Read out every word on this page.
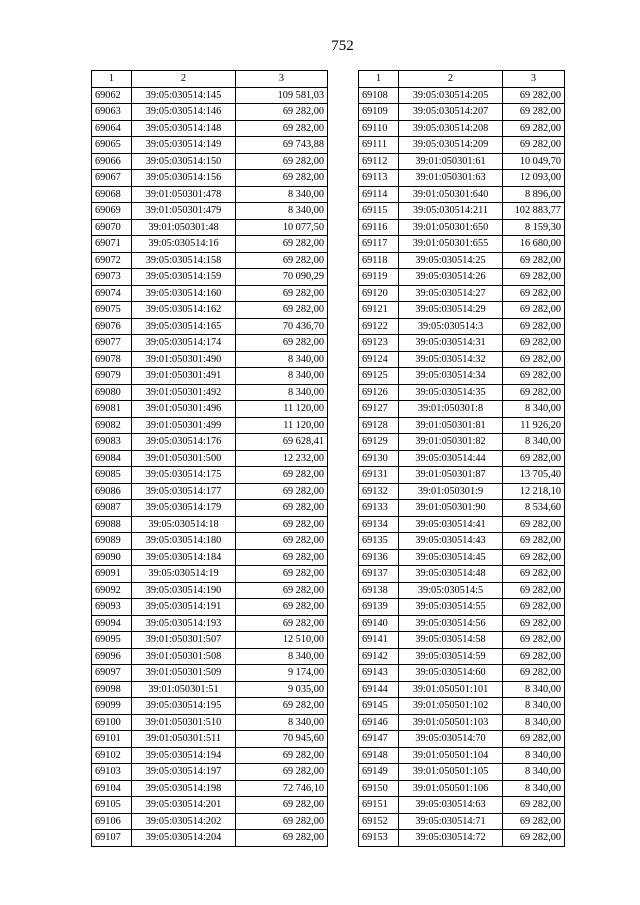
752
1	2	3
69062	39:05:030514:145	109 581,03
69063	39:05:030514:146	69 282,00
69064	39:05:030514:148	69 282,00
69065	39:05:030514:149	69 743,88
69066	39:05:030514:150	69 282,00
69067	39:05:030514:156	69 282,00
69068	39:01:050301:478	8 340,00
69069	39:01:050301:479	8 340,00
69070	39:01:050301:48	10 077,50
69071	39:05:030514:16	69 282,00
69072	39:05:030514:158	69 282,00
69073	39:05:030514:159	70 090,29
69074	39:05:030514:160	69 282,00
69075	39:05:030514:162	69 282,00
69076	39:05:030514:165	70 436,70
69077	39:05:030514:174	69 282,00
69078	39:01:050301:490	8 340,00
69079	39:01:050301:491	8 340,00
69080	39:01:050301:492	8 340,00
69081	39:01:050301:496	11 120,00
69082	39:01:050301:499	11 120,00
69083	39:05:030514:176	69 628,41
69084	39:01:050301:500	12 232,00
69085	39:05:030514:175	69 282,00
69086	39:05:030514:177	69 282,00
69087	39:05:030514:179	69 282,00
69088	39:05:030514:18	69 282,00
69089	39:05:030514:180	69 282,00
69090	39:05:030514:184	69 282,00
69091	39:05:030514:19	69 282,00
69092	39:05:030514:190	69 282,00
69093	39:05:030514:191	69 282,00
69094	39:05:030514:193	69 282,00
69095	39:01:050301:507	12 510,00
69096	39:01:050301:508	8 340,00
69097	39:01:050301:509	9 174,00
69098	39:01:050301:51	9 035,00
69099	39:05:030514:195	69 282,00
69100	39:01:050301:510	8 340,00
69101	39:01:050301:511	70 945,60
69102	39:05:030514:194	69 282,00
69103	39:05:030514:197	69 282,00
69104	39:05:030514:198	72 746,10
69105	39:05:030514:201	69 282,00
69106	39:05:030514:202	69 282,00
69107	39:05:030514:204	69 282,00
1	2	3
69108	39:05:030514:205	69 282,00
69109	39:05:030514:207	69 282,00
69110	39:05:030514:208	69 282,00
69111	39:05:030514:209	69 282,00
69112	39:01:050301:61	10 049,70
69113	39:01:050301:63	12 093,00
69114	39:01:050301:640	8 896,00
69115	39:05:030514:211	102 883,77
69116	39:01:050301:650	8 159,30
69117	39:01:050301:655	16 680,00
69118	39:05:030514:25	69 282,00
69119	39:05:030514:26	69 282,00
69120	39:05:030514:27	69 282,00
69121	39:05:030514:29	69 282,00
69122	39:05:030514:3	69 282,00
69123	39:05:030514:31	69 282,00
69124	39:05:030514:32	69 282,00
69125	39:05:030514:34	69 282,00
69126	39:05:030514:35	69 282,00
69127	39:01:050301:8	8 340,00
69128	39:01:050301:81	11 926,20
69129	39:01:050301:82	8 340,00
69130	39:05:030514:44	69 282,00
69131	39:01:050301:87	13 705,40
69132	39:01:050301:9	12 218,10
69133	39:01:050301:90	8 534,60
69134	39:05:030514:41	69 282,00
69135	39:05:030514:43	69 282,00
69136	39:05:030514:45	69 282,00
69137	39:05:030514:48	69 282,00
69138	39:05:030514:5	69 282,00
69139	39:05:030514:55	69 282,00
69140	39:05:030514:56	69 282,00
69141	39:05:030514:58	69 282,00
69142	39:05:030514:59	69 282,00
69143	39:05:030514:60	69 282,00
69144	39:01:050501:101	8 340,00
69145	39:01:050501:102	8 340,00
69146	39:01:050501:103	8 340,00
69147	39:05:030514:70	69 282,00
69148	39:01:050501:104	8 340,00
69149	39:01:050501:105	8 340,00
69150	39:01:050501:106	8 340,00
69151	39:05:030514:63	69 282,00
69152	39:05:030514:71	69 282,00
69153	39:05:030514:72	69 282,00
